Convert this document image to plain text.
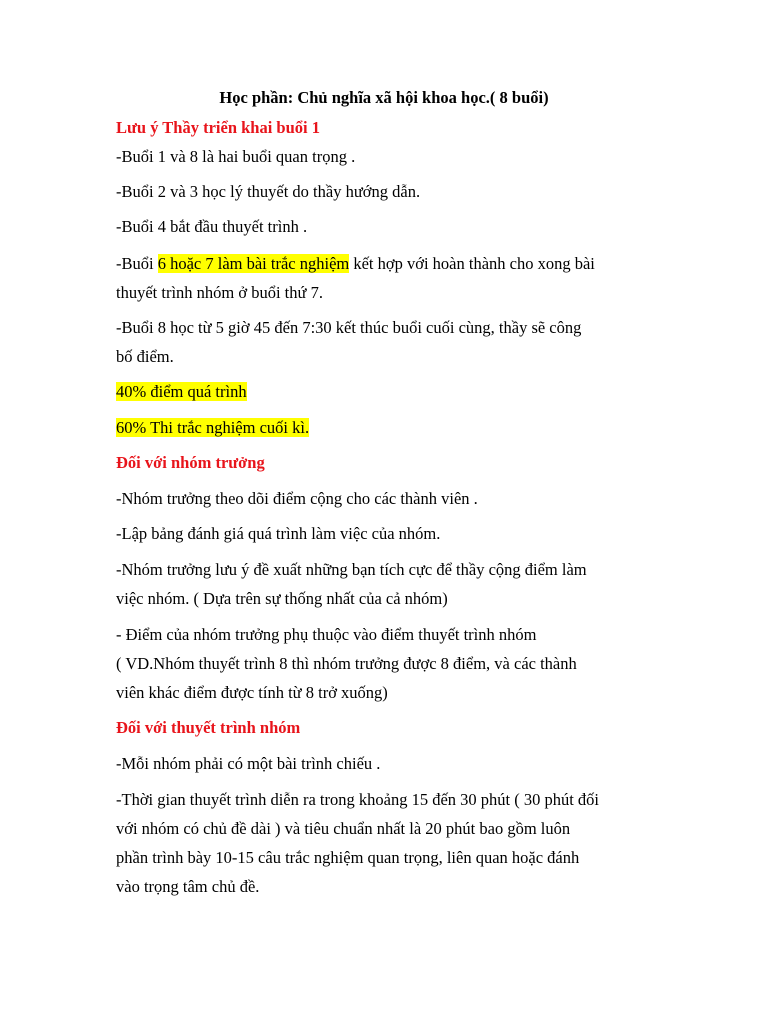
Học phần: Chủ nghĩa xã hội khoa học.( 8 buổi)
Lưu ý Thầy triển khai buổi 1
-Buổi 1 và 8 là hai buổi quan trọng .
-Buổi 2 và 3 học lý thuyết do thầy hướng dẫn.
-Buổi 4 bắt đầu thuyết trình .
-Buổi 6 hoặc 7 làm bài trắc nghiệm kết hợp với hoàn thành cho xong bài
thuyết trình nhóm ở buổi thứ 7.
-Buổi 8 học từ 5 giờ 45 đến 7:30 kết thúc buổi cuối cùng, thầy sẽ công
bố điểm.
40% điểm quá trình
60% Thi trắc nghiệm cuối kì.
Đối với nhóm trưởng
-Nhóm trưởng theo dõi điểm cộng cho các thành viên .
-Lập bảng đánh giá quá trình làm việc của nhóm.
-Nhóm trưởng lưu ý đề xuất những bạn tích cực để thầy cộng điểm làm
việc nhóm. ( Dựa trên sự thống nhất của cả nhóm)
- Điểm của nhóm trưởng phụ thuộc vào điểm thuyết trình nhóm
( VD.Nhóm thuyết trình 8 thì nhóm trưởng được 8 điểm, và các thành
viên khác điểm được tính từ 8 trở xuống)
Đối với thuyết trình nhóm
-Mỗi nhóm phải có một bài trình chiếu .
-Thời gian thuyết trình diễn ra trong khoảng 15 đến 30 phút ( 30 phút đối
với nhóm có chủ đề dài ) và tiêu chuẩn nhất là 20 phút bao gồm luôn
phần trình bày 10-15 câu trắc nghiệm quan trọng, liên quan hoặc đánh
vào trọng tâm chủ đề.
